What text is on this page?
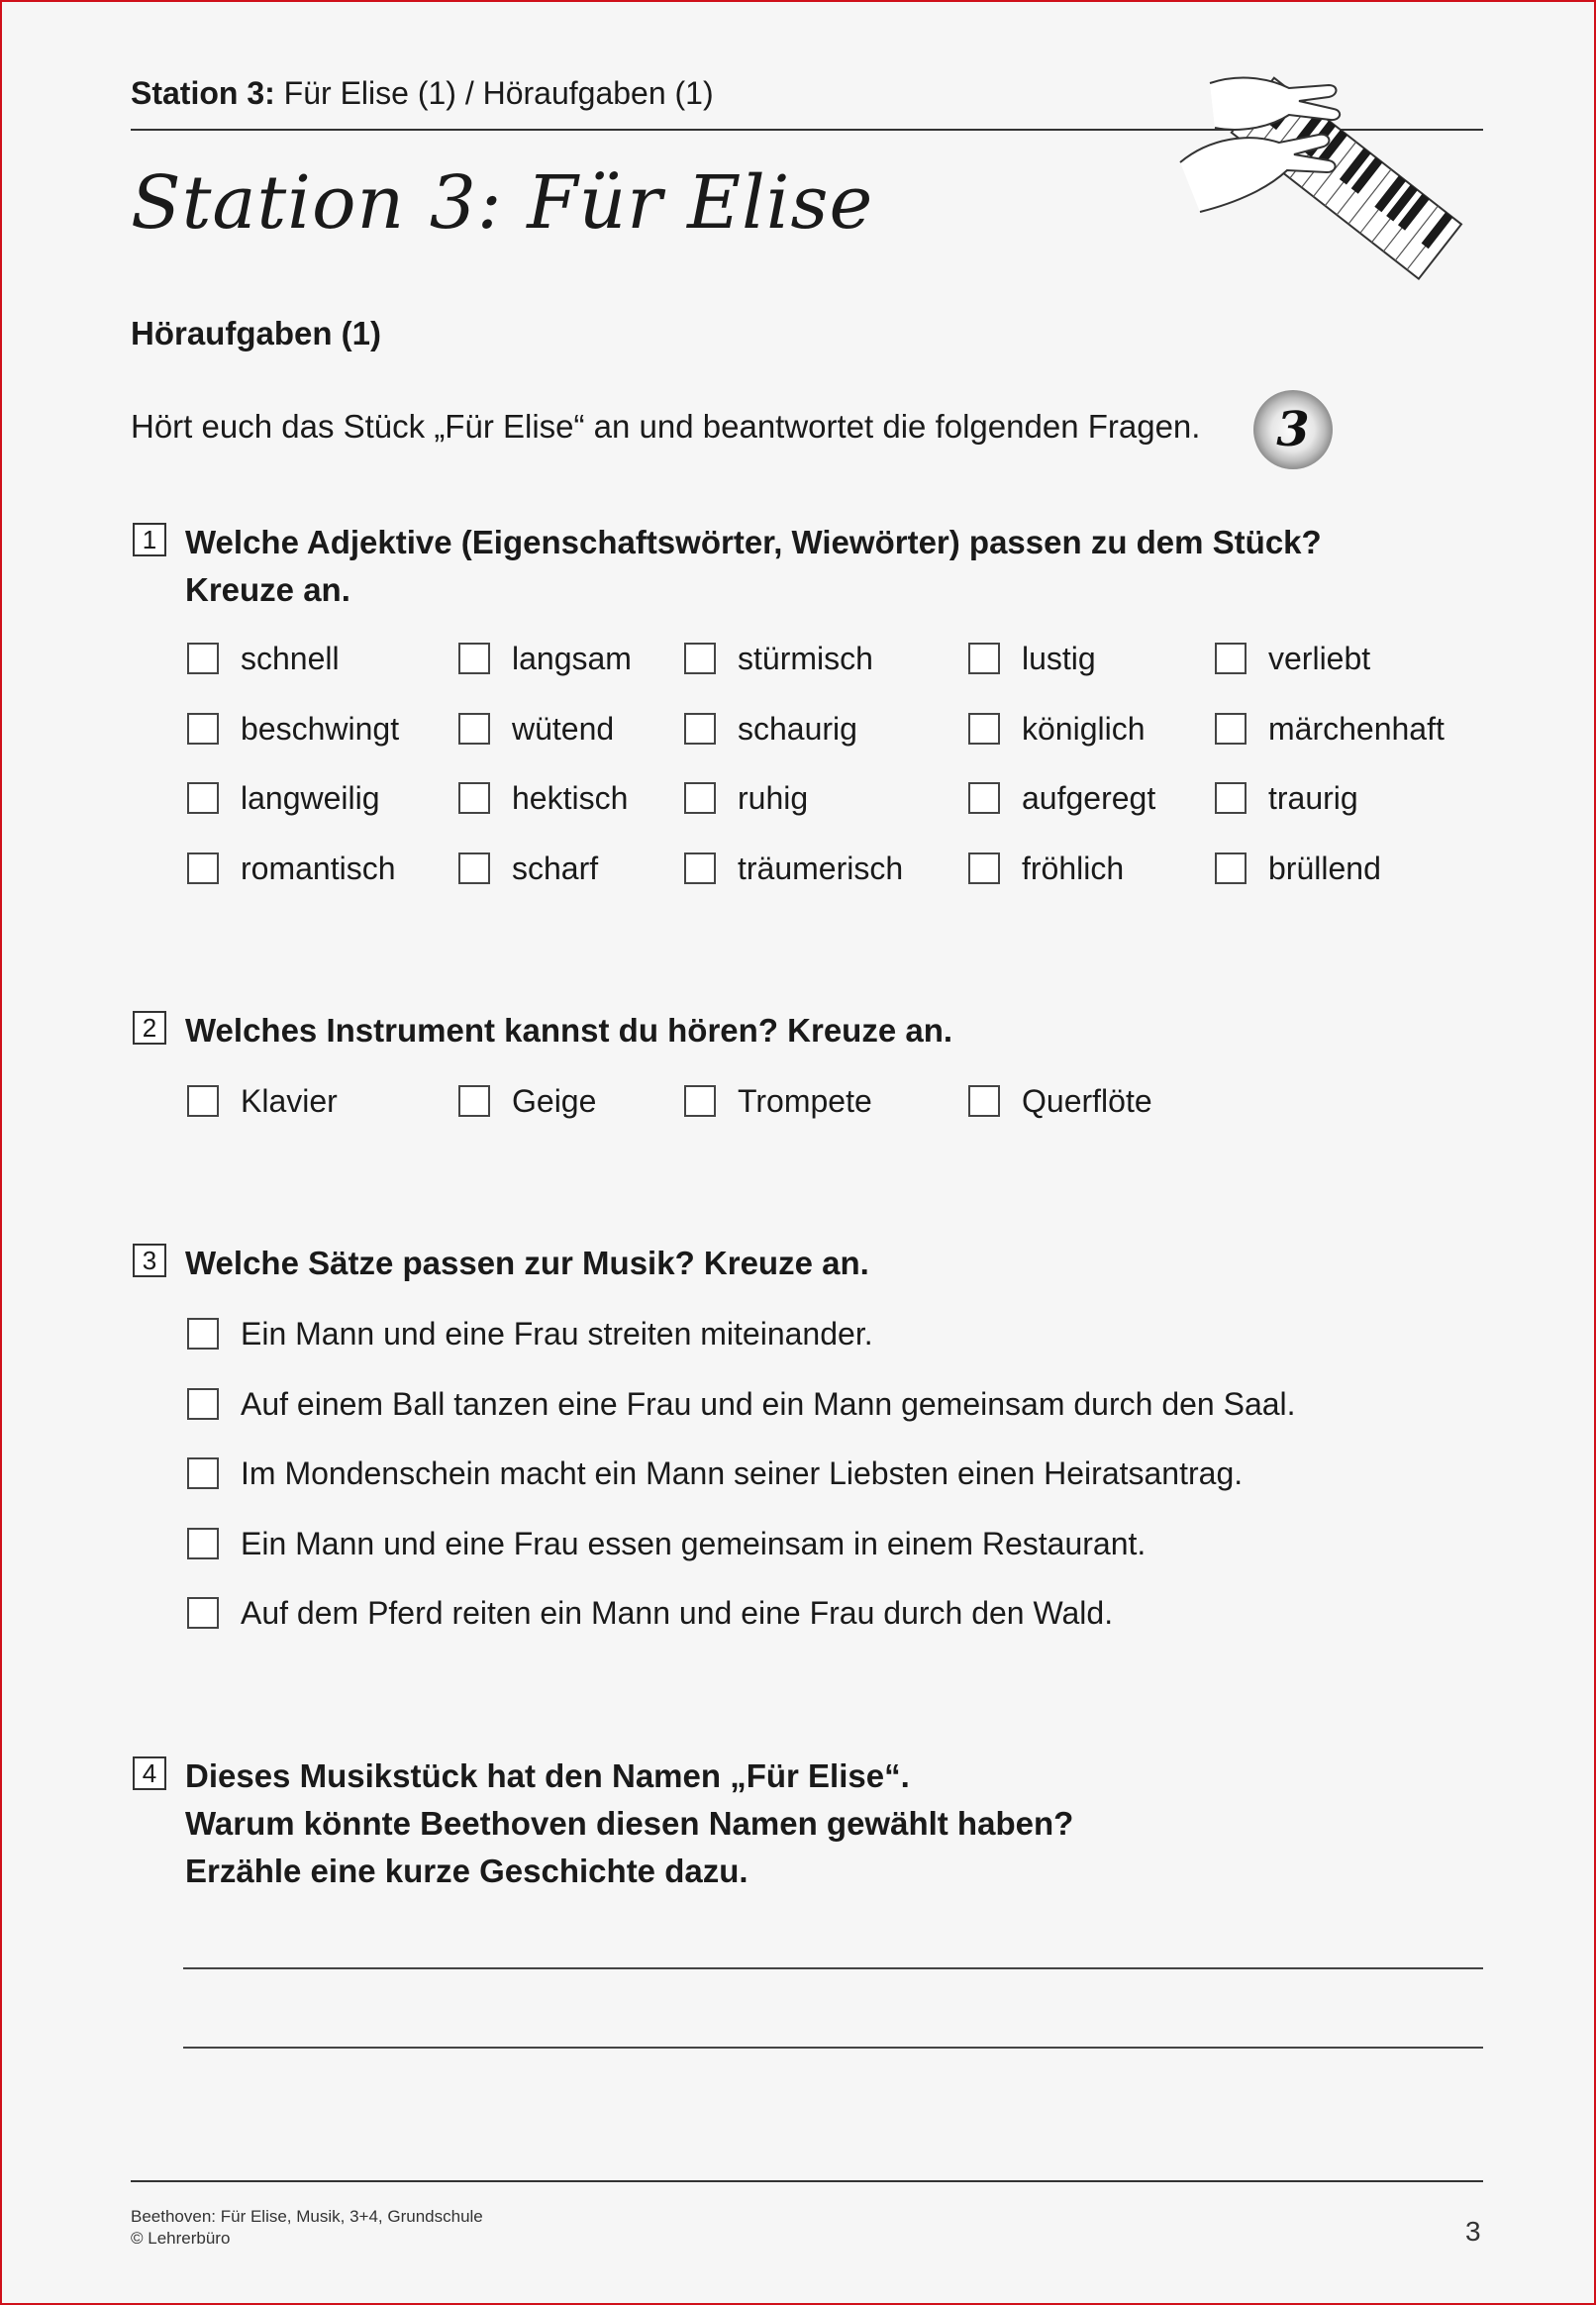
Station 3: Für Elise (1) / Höraufgaben (1)
Station 3: Für Elise
Höraufgaben (1)
Hört euch das Stück „Für Elise“ an und beantwortet die folgenden Fragen. 3
1 Welche Adjektive (Eigenschaftswörter, Wiewörter) passen zu dem Stück?
Kreuze an.
schnell	langsam	stürmisch	lustig	verliebt
beschwingt	wütend	schaurig	königlich	märchenhaft
langweilig	hektisch	ruhig	aufgeregt	traurig
romantisch	scharf	träumerisch	fröhlich	brüllend
2 Welches Instrument kannst du hören? Kreuze an.
Klavier	Geige	Trompete	Querflöte
3 Welche Sätze passen zur Musik? Kreuze an.
Ein Mann und eine Frau streiten miteinander.
Auf einem Ball tanzen eine Frau und ein Mann gemeinsam durch den Saal.
Im Mondenschein macht ein Mann seiner Liebsten einen Heiratsantrag.
Ein Mann und eine Frau essen gemeinsam in einem Restaurant.
Auf dem Pferd reiten ein Mann und eine Frau durch den Wald.
4 Dieses Musikstück hat den Namen „Für Elise“.
Warum könnte Beethoven diesen Namen gewählt haben?
Erzähle eine kurze Geschichte dazu.
Beethoven: Für Elise, Musik, 3+4, Grundschule
© Lehrerbüro	3
